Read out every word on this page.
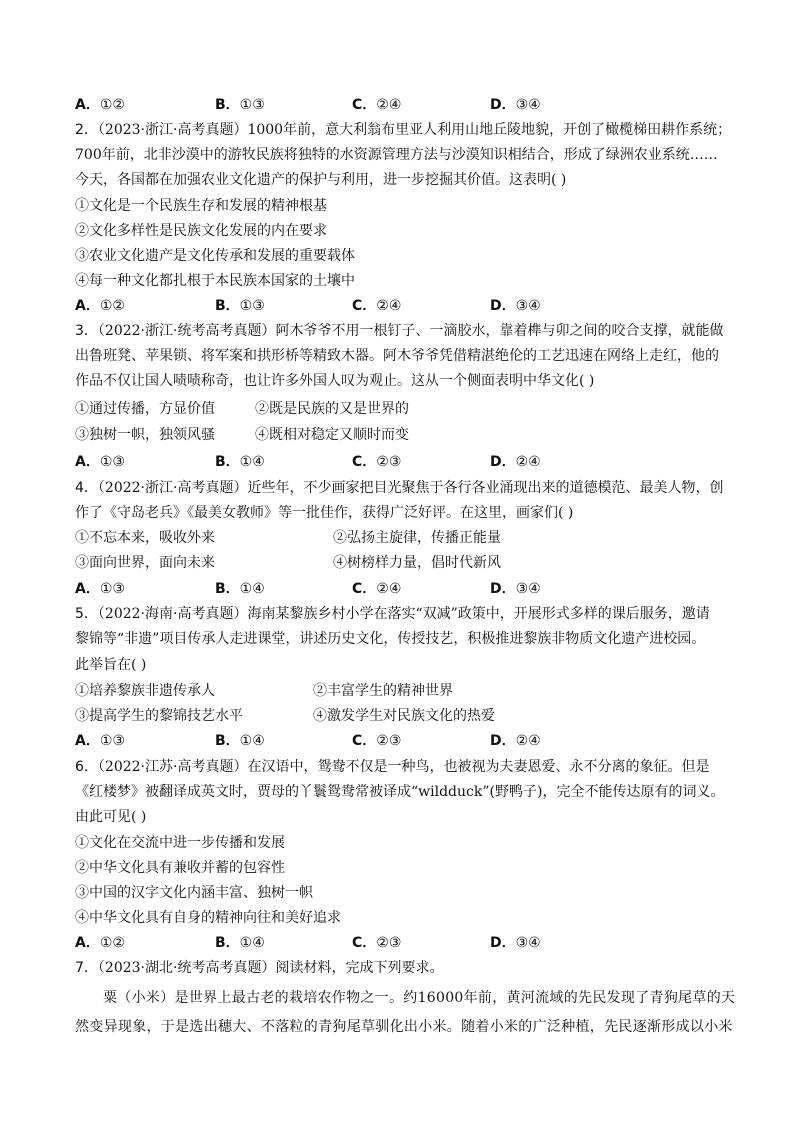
A．①②	B．①③	C．②④	D．③④
2．（2023·浙江·高考真题）1000年前，意大利翁布里亚人利用山地丘陵地貌，开创了橄榄梯田耕作系统；
700年前，北非沙漠中的游牧民族将独特的水资源管理方法与沙漠知识相结合，形成了绿洲农业系统……
今天，各国都在加强农业文化遗产的保护与利用，进一步挖掘其价值。这表明( )
①文化是一个民族生存和发展的精神根基
②文化多样性是民族文化发展的内在要求
③农业文化遗产是文化传承和发展的重要载体
④每一种文化都扎根于本民族本国家的土壤中
A．①②	B．①③	C．②④	D．③④
3．（2022·浙江·统考高考真题）阿木爷爷不用一根钉子、一滴胶水，靠着榫与卯之间的咬合支撑，就能做
出鲁班凳、苹果锁、将军案和拱形桥等精致木器。阿木爷爷凭借精湛绝伦的工艺迅速在网络上走红，他的
作品不仅让国人啧啧称奇，也让许多外国人叹为观止。这从一个侧面表明中华文化( )
①通过传播，方显价值	②既是民族的又是世界的
③独树一帜，独领风骚	④既相对稳定又顺时而变
A．①③	B．①④	C．②③	D．②④
4．（2022·浙江·高考真题）近些年，不少画家把目光聚焦于各行各业涌现出来的道德模范、最美人物，创
作了《守岛老兵》《最美女教师》等一批佳作，获得广泛好评。在这里，画家们( )
①不忘本来，吸收外来	②弘扬主旋律，传播正能量
③面向世界，面向未来	④树榜样力量，倡时代新风
A．①③	B．①④	C．②④	D．③④
5．（2022·海南·高考真题）海南某黎族乡村小学在落实“双减”政策中，开展形式多样的课后服务，邀请
黎锦等“非遗”项目传承人走进课堂，讲述历史文化，传授技艺，积极推进黎族非物质文化遗产进校园。
此举旨在( )
①培养黎族非遗传承人	②丰富学生的精神世界
③提高学生的黎锦技艺水平	④激发学生对民族文化的热爱
A．①③	B．①④	C．②③	D．②④
6．（2022·江苏·高考真题）在汉语中，鸳鸯不仅是一种鸟，也被视为夫妻恩爱、永不分离的象征。但是
《红楼梦》被翻译成英文时，贾母的丫鬟鸳鸯常被译成“wildduck”(野鸭子)，完全不能传达原有的词义。
由此可见( )
①文化在交流中进一步传播和发展
②中华文化具有兼收并蓄的包容性
③中国的汉字文化内涵丰富、独树一帜
④中华文化具有自身的精神向往和美好追求
A．①②	B．①④	C．②③	D．③④
7．（2023·湖北·统考高考真题）阅读材料，完成下列要求。
粟（小米）是世界上最古老的栽培农作物之一。约16000年前，黄河流域的先民发现了青狗尾草的天
然变异现象，于是选出穗大、不落粒的青狗尾草驯化出小米。随着小米的广泛种植，先民逐渐形成以小米
